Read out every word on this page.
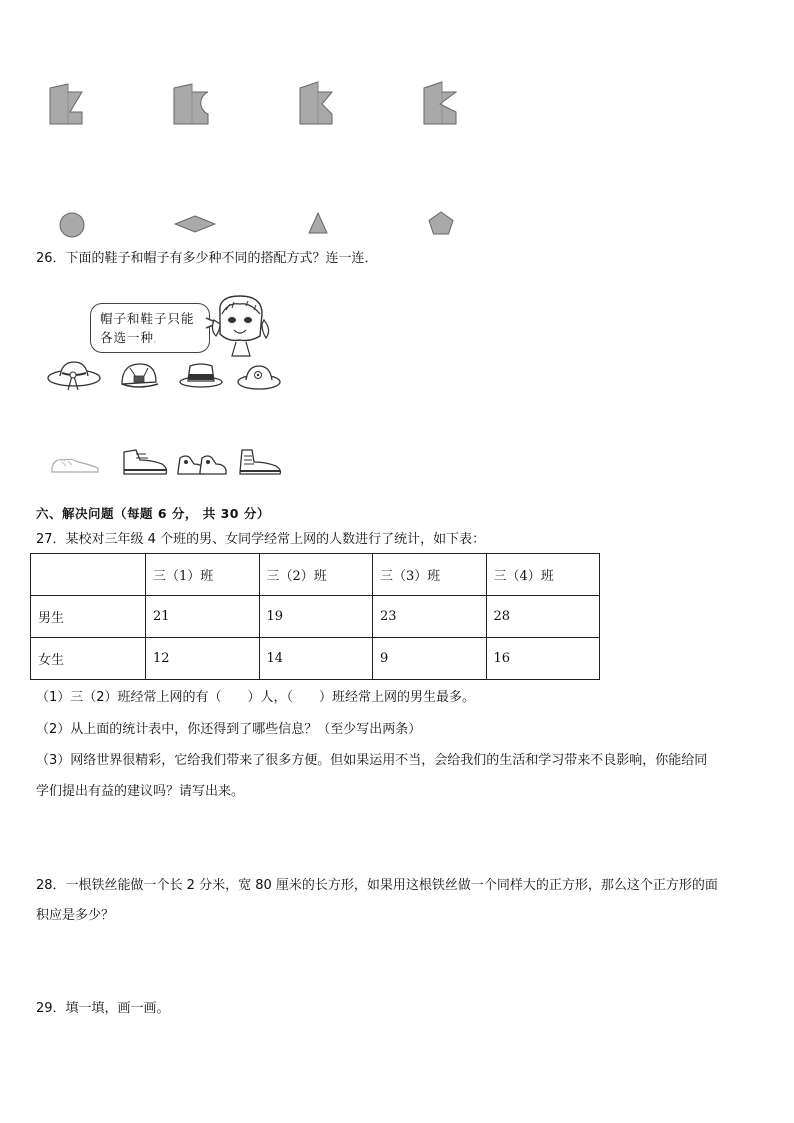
26．下面的鞋子和帽子有多少种不同的搭配方式？连一连．
帽子和鞋子只能
各选一种。
六、解决问题（每题 6 分， 共 30 分）
27．某校对三年级 4 个班的男、女同学经常上网的人数进行了统计，如下表：
	三（1）班	三（2）班	三（3）班	三（4）班
男生	21	19	23	28
女生	12	14	9	16
（1）三（2）班经常上网的有（　　）人，（　　）班经常上网的男生最多。
（2）从上面的统计表中，你还得到了哪些信息？（至少写出两条）
（3）网络世界很精彩，它给我们带来了很多方便。但如果运用不当，会给我们的生活和学习带来不良影响，你能给同
学们提出有益的建议吗？请写出来。
28．一根铁丝能做一个长 2 分米，宽 80 厘米的长方形，如果用这根铁丝做一个同样大的正方形，那么这个正方形的面
积应是多少？
29．填一填，画一画。
